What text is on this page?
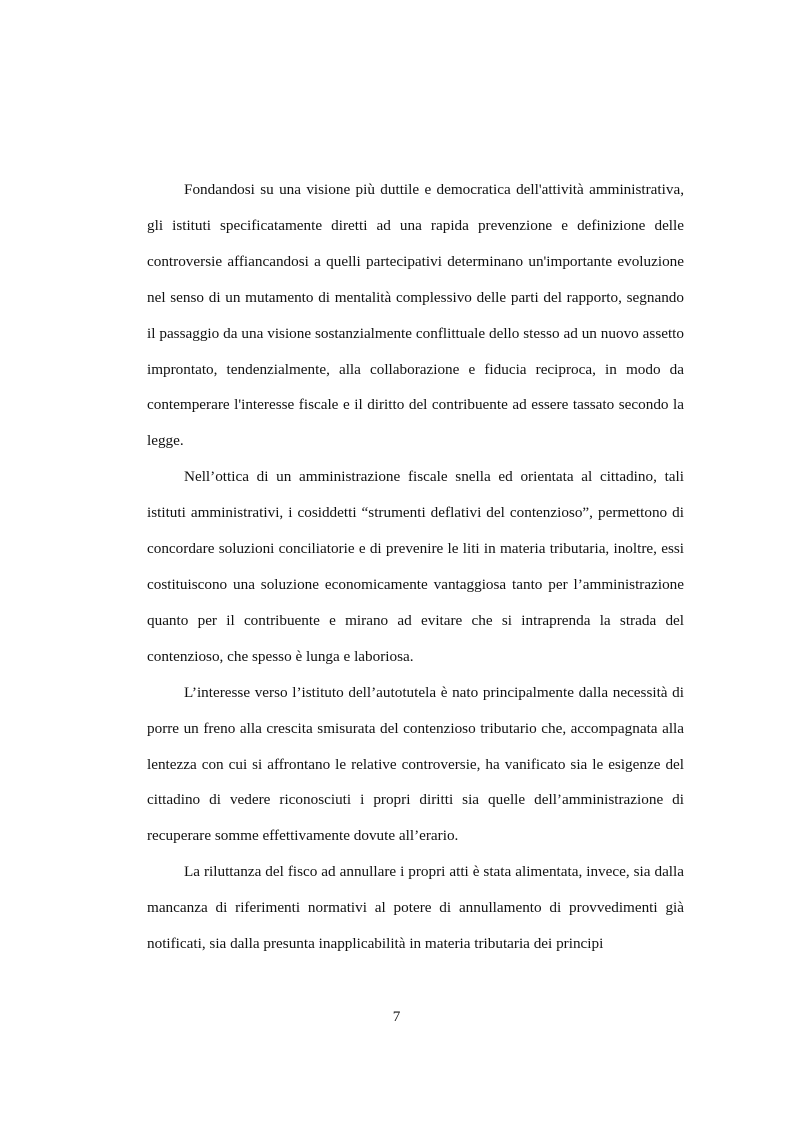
Fondandosi su una visione più duttile e democratica dell'attività amministrativa, gli istituti specificatamente diretti ad una rapida prevenzione e definizione delle controversie affiancandosi a quelli partecipativi determinano un'importante evoluzione nel senso di un mutamento di mentalità complessivo delle parti del rapporto, segnando il passaggio da una visione sostanzialmente conflittuale dello stesso ad un nuovo assetto improntato, tendenzialmente, alla collaborazione e fiducia reciproca, in modo da contemperare l'interesse fiscale e il diritto del contribuente ad essere tassato secondo la legge.

Nell’ottica di un amministrazione fiscale snella ed orientata al cittadino, tali istituti amministrativi, i cosiddetti “strumenti deflativi del contenzioso”, permettono di concordare soluzioni conciliatorie e di prevenire le liti in materia tributaria, inoltre, essi costituiscono una soluzione economicamente vantaggiosa tanto per l’amministrazione quanto per il contribuente e mirano ad evitare che si intraprenda la strada del contenzioso, che spesso è lunga e laboriosa.

L’interesse verso l’istituto dell’autotutela è nato principalmente dalla necessità di porre un freno alla crescita smisurata del contenzioso tributario che, accompagnata alla lentezza con cui si affrontano le relative controversie, ha vanificato sia le esigenze del cittadino di vedere riconosciuti i propri diritti sia quelle dell’amministrazione di recuperare somme effettivamente dovute all’erario.

La riluttanza del fisco ad annullare i propri atti è stata alimentata, invece, sia dalla mancanza di riferimenti normativi al potere di annullamento di provvedimenti già notificati, sia dalla presunta inapplicabilità in materia tributaria dei principi

7
